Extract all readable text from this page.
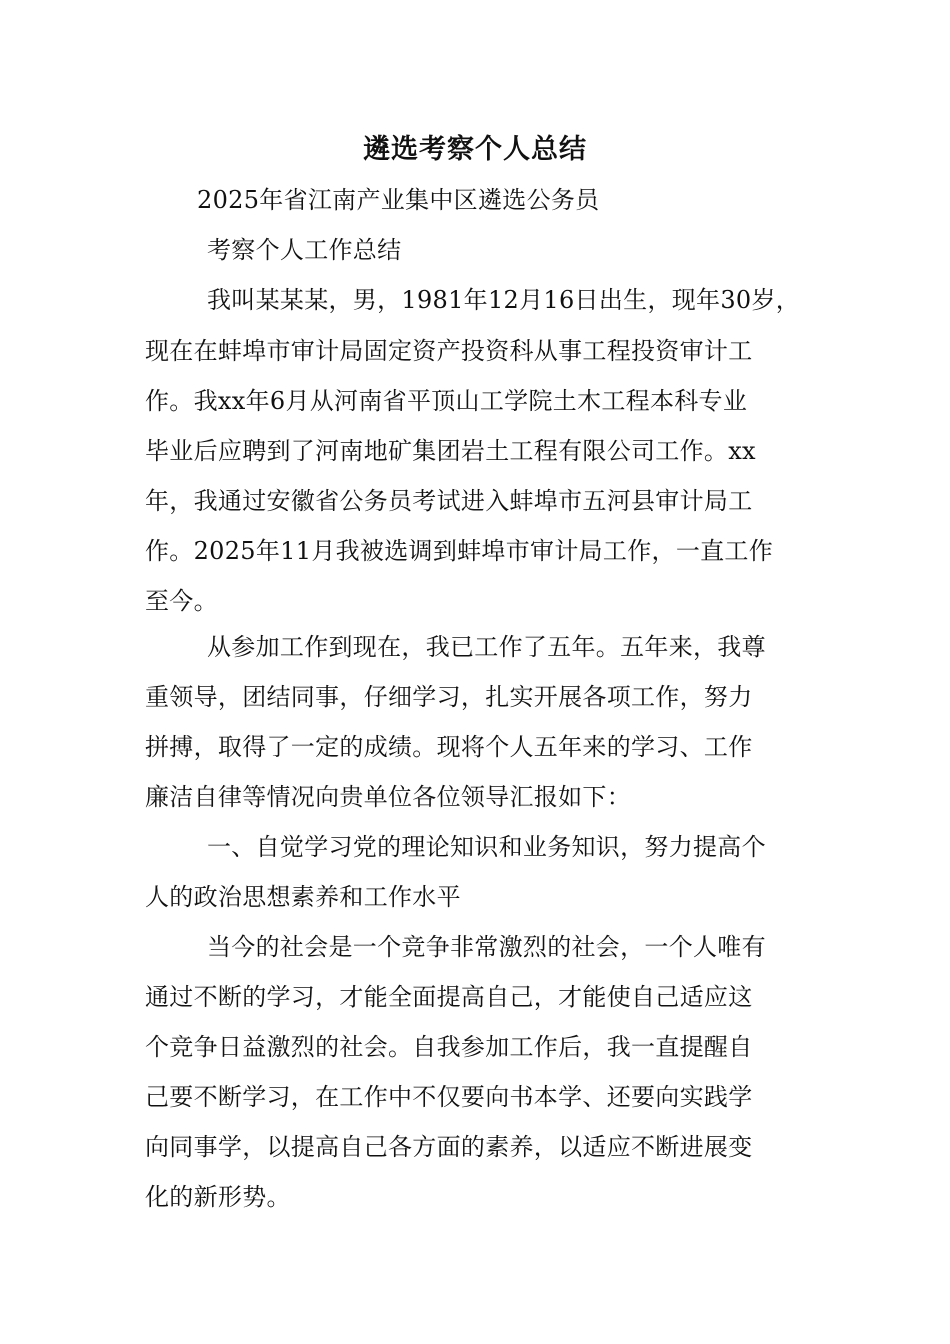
遴选考察个人总结

2025年省江南产业集中区遴选公务员

考察个人工作总结

我叫某某某，男，1981年12月16日出生，现年30岁，

现在在蚌埠市审计局固定资产投资科从事工程投资审计工

作。我xx年6月从河南省平顶山工学院土木工程本科专业

毕业后应聘到了河南地矿集团岩土工程有限公司工作。xx

年，我通过安徽省公务员考试进入蚌埠市五河县审计局工

作。2025年11月我被选调到蚌埠市审计局工作，一直工作

至今。

从参加工作到现在，我已工作了五年。五年来，我尊

重领导，团结同事，仔细学习，扎实开展各项工作，努力

拼搏，取得了一定的成绩。现将个人五年来的学习、工作

廉洁自律等情况向贵单位各位领导汇报如下：

一、自觉学习党的理论知识和业务知识，努力提高个

人的政治思想素养和工作水平

当今的社会是一个竞争非常激烈的社会，一个人唯有

通过不断的学习，才能全面提高自己，才能使自己适应这

个竞争日益激烈的社会。自我参加工作后，我一直提醒自

己要不断学习，在工作中不仅要向书本学、还要向实践学

向同事学，以提高自己各方面的素养，以适应不断进展变

化的新形势。
